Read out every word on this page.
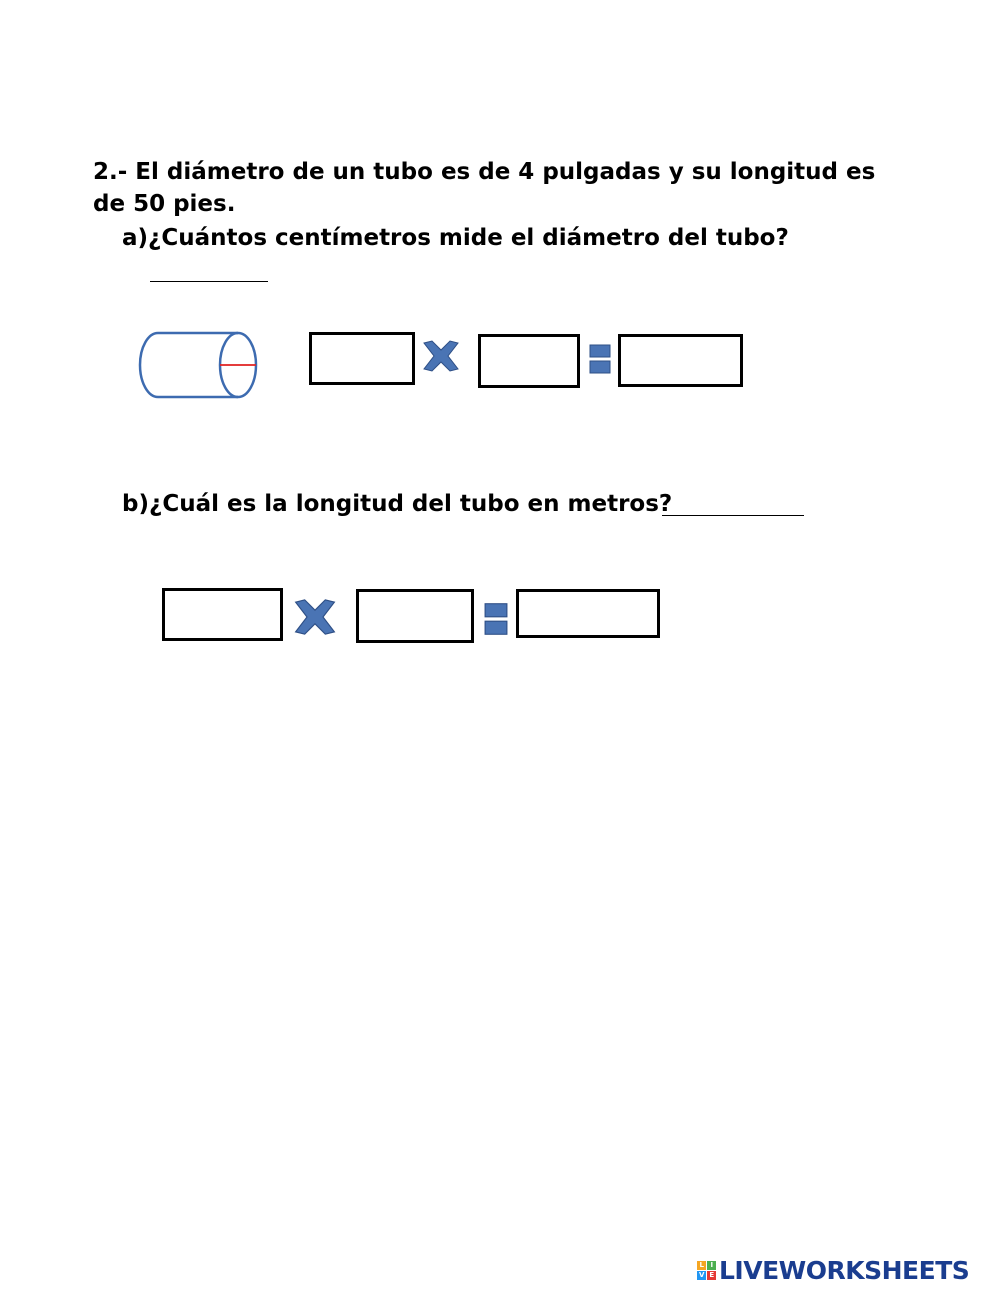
2.- El diámetro de un tubo es de 4 pulgadas y su longitud es de 50 pies.
a)¿Cuántos centímetros mide el diámetro del tubo?
b)¿Cuál es la longitud del tubo en metros?
L I
V E LIVEWORKSHEETS
